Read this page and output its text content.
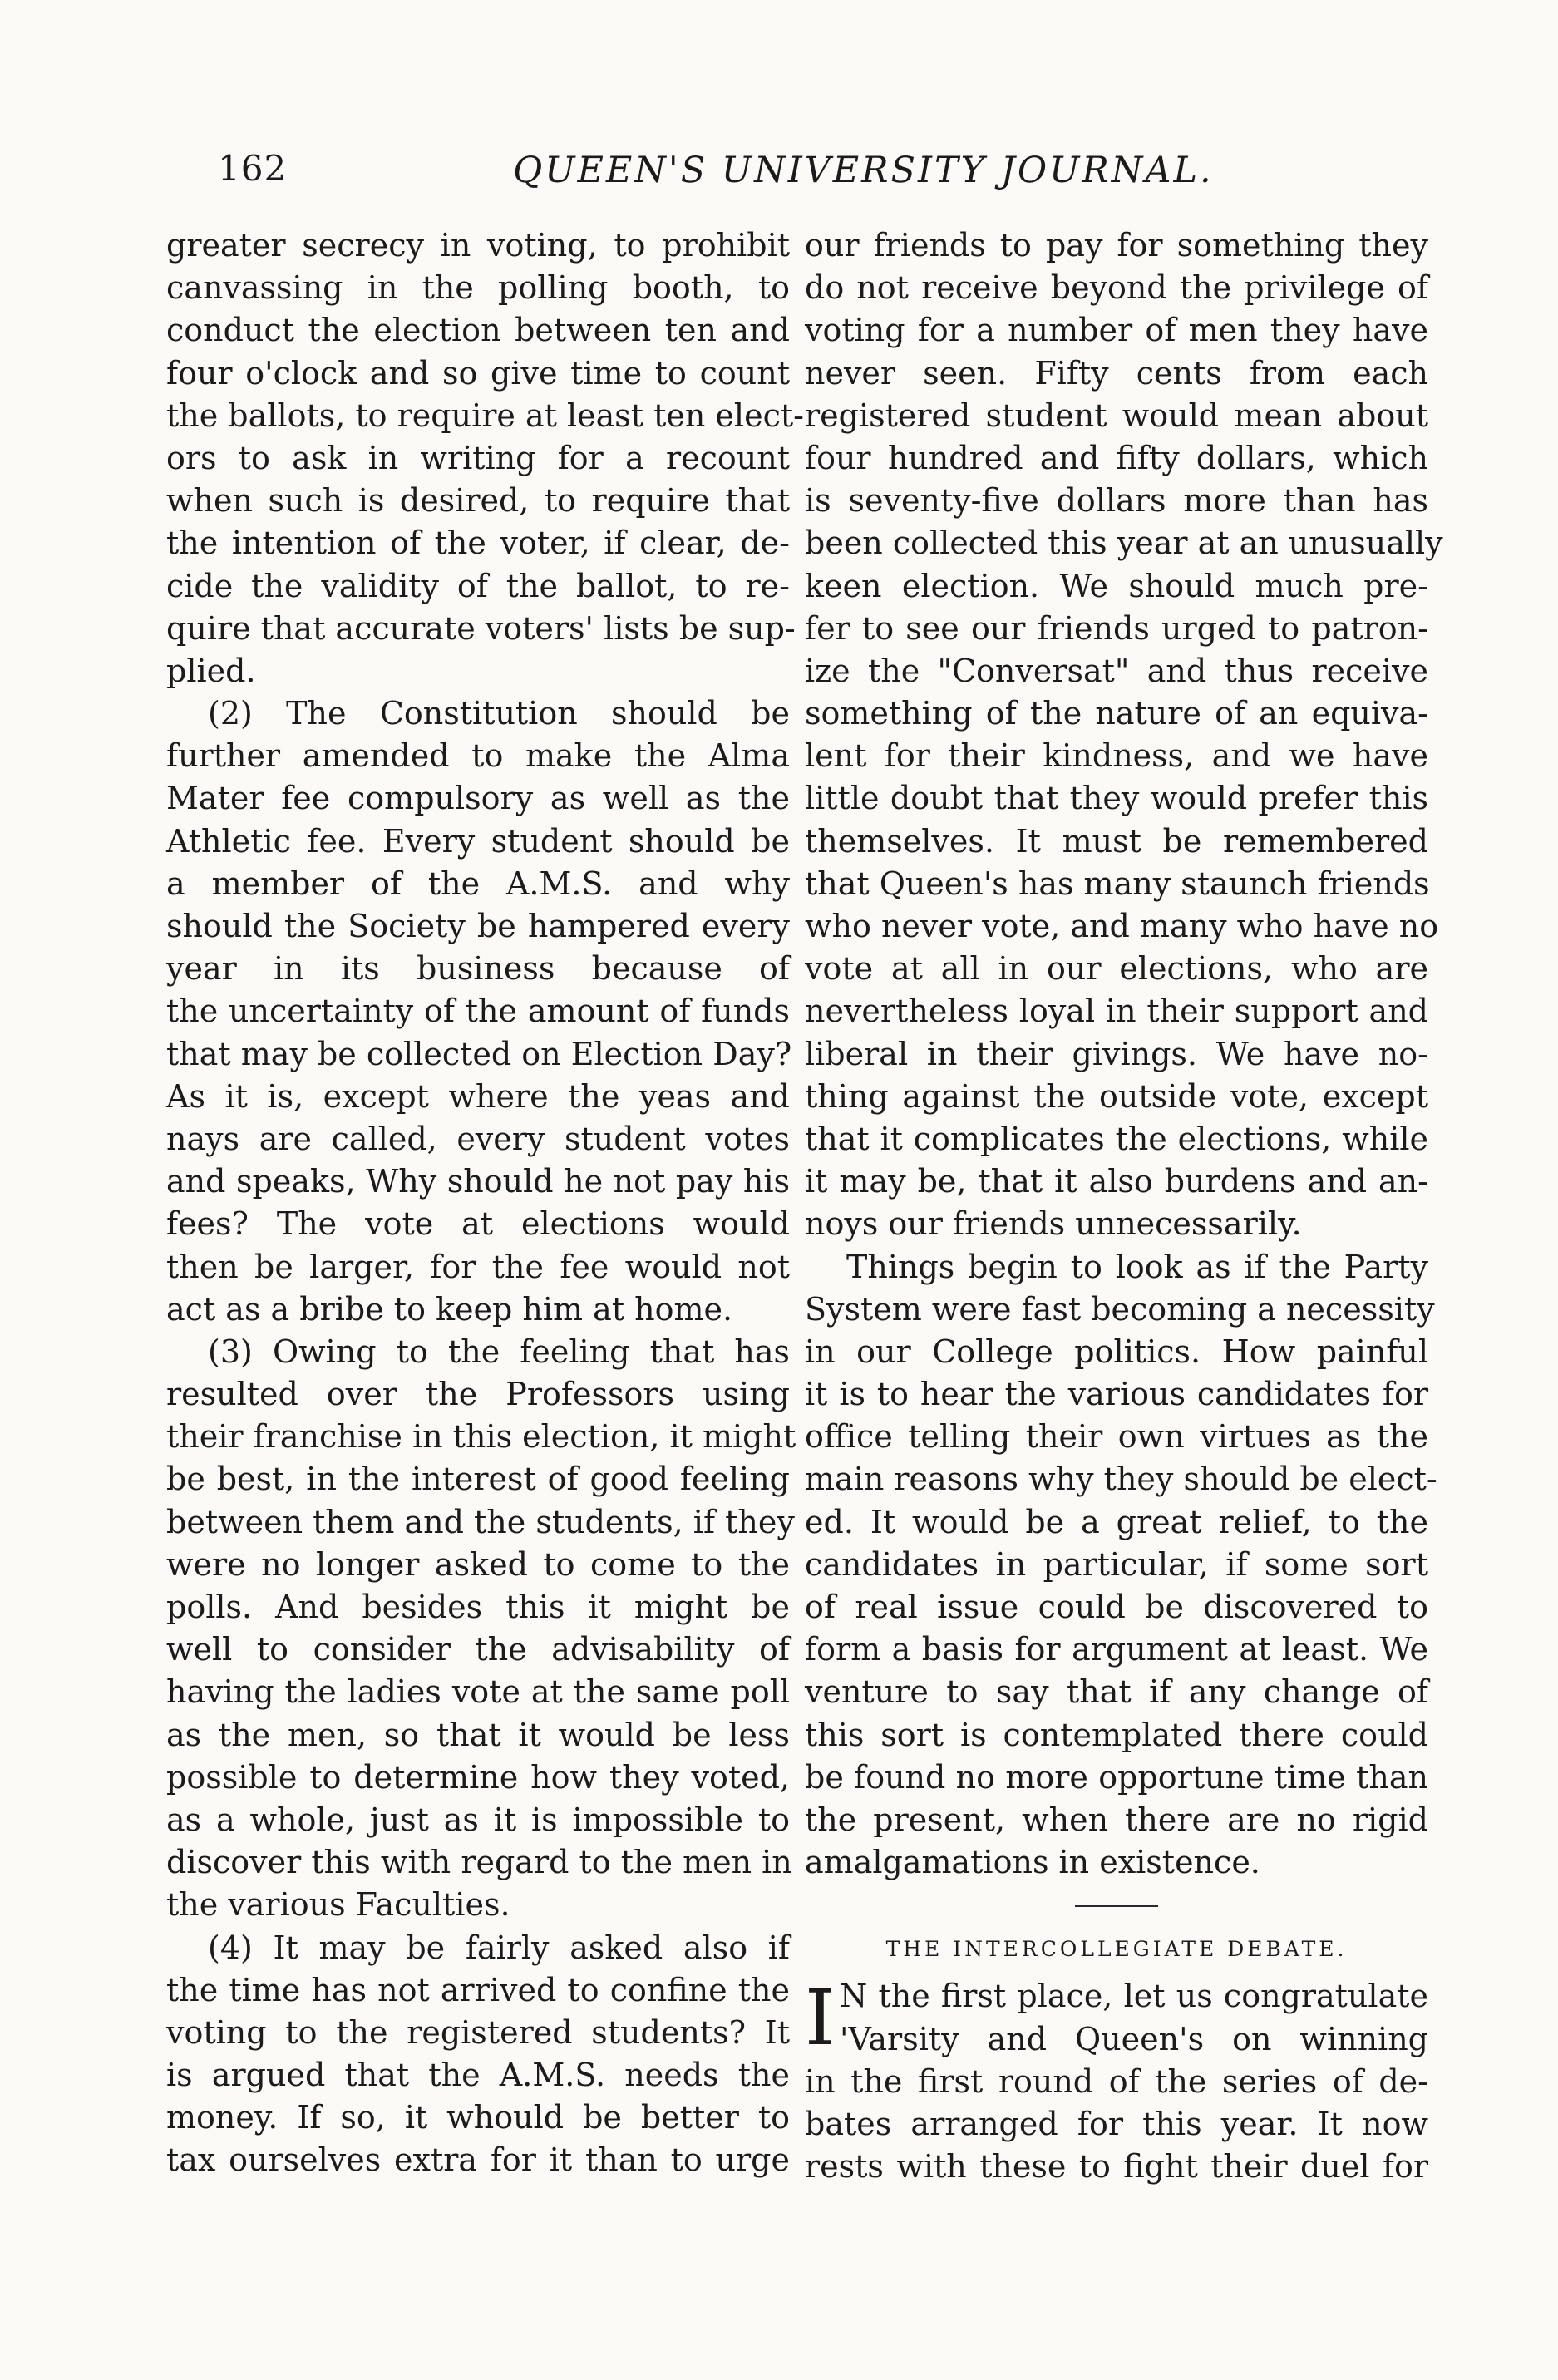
162	QUEEN'S UNIVERSITY JOURNAL.
greater secrecy in voting, to prohibit
canvassing in the polling booth, to
conduct the election between ten and
four o'clock and so give time to count
the ballots, to require at least ten elect-
ors to ask in writing for a recount
when such is desired, to require that
the intention of the voter, if clear, de-
cide the validity of the ballot, to re-
quire that accurate voters' lists be sup-
plied.
(2) The Constitution should be
further amended to make the Alma
Mater fee compulsory as well as the
Athletic fee. Every student should be
a member of the A.M.S. and why
should the Society be hampered every
year in its business because of
the uncertainty of the amount of funds
that may be collected on Election Day?
As it is, except where the yeas and
nays are called, every student votes
and speaks, Why should he not pay his
fees? The vote at elections would
then be larger, for the fee would not
act as a bribe to keep him at home.
(3) Owing to the feeling that has
resulted over the Professors using
their franchise in this election, it might
be best, in the interest of good feeling
between them and the students, if they
were no longer asked to come to the
polls. And besides this it might be
well to consider the advisability of
having the ladies vote at the same poll
as the men, so that it would be less
possible to determine how they voted,
as a whole, just as it is impossible to
discover this with regard to the men in
the various Faculties.
(4) It may be fairly asked also if
the time has not arrived to confine the
voting to the registered students? It
is argued that the A.M.S. needs the
money. If so, it whould be better to
tax ourselves extra for it than to urge
our friends to pay for something they
do not receive beyond the privilege of
voting for a number of men they have
never seen. Fifty cents from each
registered student would mean about
four hundred and fifty dollars, which
is seventy-five dollars more than has
been collected this year at an unusually
keen election. We should much pre-
fer to see our friends urged to patron-
ize the "Conversat" and thus receive
something of the nature of an equiva-
lent for their kindness, and we have
little doubt that they would prefer this
themselves. It must be remembered
that Queen's has many staunch friends
who never vote, and many who have no
vote at all in our elections, who are
nevertheless loyal in their support and
liberal in their givings. We have no-
thing against the outside vote, except
that it complicates the elections, while
it may be, that it also burdens and an-
noys our friends unnecessarily.
Things begin to look as if the Party
System were fast becoming a necessity
in our College politics. How painful
it is to hear the various candidates for
office telling their own virtues as the
main reasons why they should be elect-
ed. It would be a great relief, to the
candidates in particular, if some sort
of real issue could be discovered to
form a basis for argument at least. We
venture to say that if any change of
this sort is contemplated there could
be found no more opportune time than
the present, when there are no rigid
amalgamations in existence.
THE INTERCOLLEGIATE DEBATE.
I N the first place, let us congratulate
'Varsity and Queen's on winning
in the first round of the series of de-
bates arranged for this year. It now
rests with these to fight their duel for
